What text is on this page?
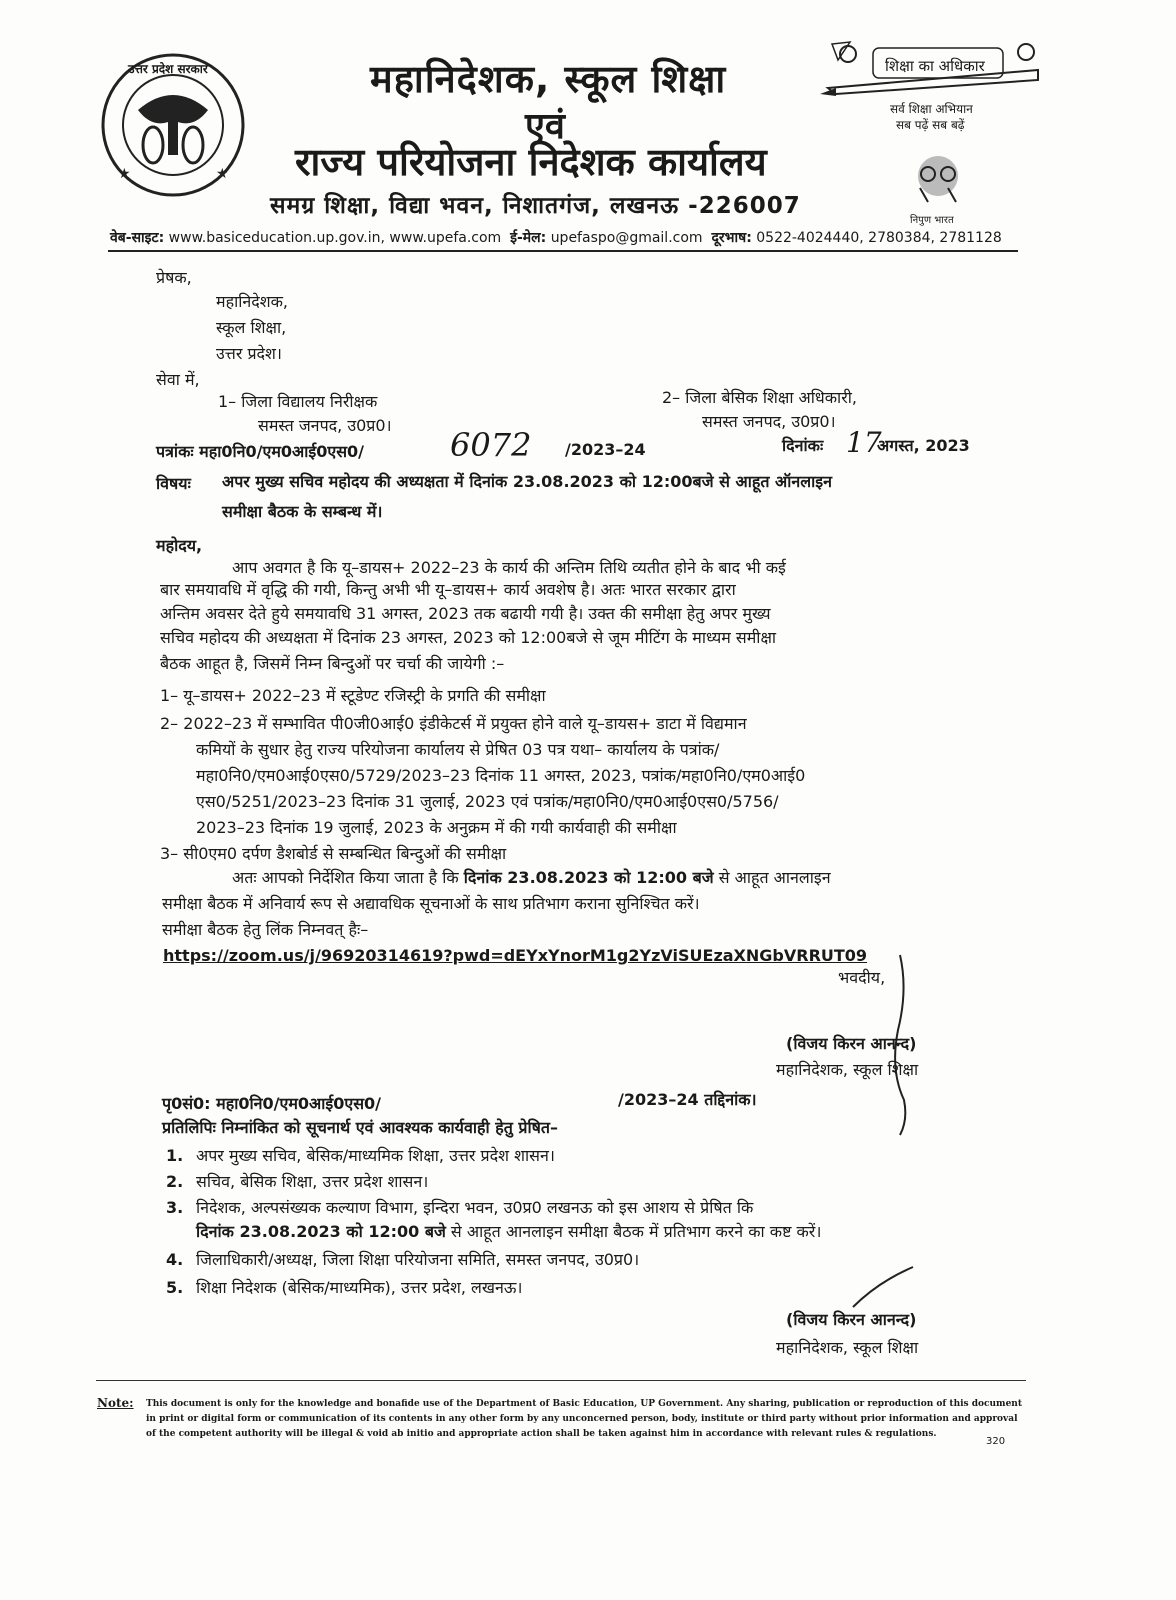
★	★
उत्तर प्रदेश सरकार	महानिदेशक, स्कूल शिक्षा
एवं
राज्य परियोजना निदेशक कार्यालय
समग्र शिक्षा, विद्या भवन, निशातगंज, लखनऊ -226007
शिक्षा का अधिकार
सर्व शिक्षा अभियान
सब पढ़ें सब बढ़ें
निपुण भारत
वेब-साइट: www.basiceducation.up.gov.in, www.upefa.com ई-मेल: upefaspo@gmail.com दूरभाष: 0522-4024440, 2780384, 2781128
प्रेषक,
महानिदेशक,
स्कूल शिक्षा,
उत्तर प्रदेश।
सेवा में,
1– जिला विद्यालय निरीक्षक
समस्त जनपद, उ0प्र0।
2– जिला बेसिक शिक्षा अधिकारी,
समस्त जनपद, उ0प्र0।
पत्रांकः महा0नि0/एम0आई0एस0/	6072 /2023–24	दिनांकः 17
अगस्त, 2023
विषयः अपर मुख्य सचिव महोदय की अध्यक्षता में दिनांक 23.08.2023 को 12:00बजे से आहूत ऑनलाइन
समीक्षा बैठक के सम्बन्ध में।
महोदय,
आप अवगत है कि यू–डायस+ 2022–23 के कार्य की अन्तिम तिथि व्यतीत होने के बाद भी कई
बार समयावधि में वृद्धि की गयी, किन्तु अभी भी यू–डायस+ कार्य अवशेष है। अतः भारत सरकार द्वारा
अन्तिम अवसर देते हुये समयावधि 31 अगस्त, 2023 तक बढायी गयी है। उक्त की समीक्षा हेतु अपर मुख्य
सचिव महोदय की अध्यक्षता में दिनांक 23 अगस्त, 2023 को 12:00बजे से जूम मीटिंग के माध्यम समीक्षा
बैठक आहूत है, जिसमें निम्न बिन्दुओं पर चर्चा की जायेगी :–
1– यू–डायस+ 2022–23 में स्टूडेण्ट रजिस्ट्री के प्रगति की समीक्षा
2– 2022–23 में सम्भावित पी0जी0आई0 इंडीकेटर्स में प्रयुक्त होने वाले यू–डायस+ डाटा में विद्यमान
कमियों के सुधार हेतु राज्य परियोजना कार्यालय से प्रेषित 03 पत्र यथा– कार्यालय के पत्रांक/
महा0नि0/एम0आई0एस0/5729/2023–23 दिनांक 11 अगस्त, 2023, पत्रांक/महा0नि0/एम0आई0
एस0/5251/2023–23 दिनांक 31 जुलाई, 2023 एवं पत्रांक/महा0नि0/एम0आई0एस0/5756/
2023–23 दिनांक 19 जुलाई, 2023 के अनुक्रम में की गयी कार्यवाही की समीक्षा
3– सी0एम0 दर्पण डैशबोर्ड से सम्बन्धित बिन्दुओं की समीक्षा
अतः आपको निर्देशित किया जाता है कि दिनांक 23.08.2023 को 12:00 बजे से आहूत आनलाइन
समीक्षा बैठक में अनिवार्य रूप से अद्यावधिक सूचनाओं के साथ प्रतिभाग कराना सुनिश्चित करें।
समीक्षा बैठक हेतु लिंक निम्नवत् हैः–
https://zoom.us/j/96920314619?pwd=dEYxYnorM1g2YzViSUEzaXNGbVRRUT09
भवदीय,
(विजय किरन आनन्द)
महानिदेशक, स्कूल शिक्षा
पृ0सं0: महा0नि0/एम0आई0एस0/	/2023–24 तद्दिनांक।
प्रतिलिपिः निम्नांकित को सूचनार्थ एवं आवश्यक कार्यवाही हेतु प्रेषित–
1. अपर मुख्य सचिव, बेसिक/माध्यमिक शिक्षा, उत्तर प्रदेश शासन।
2. सचिव, बेसिक शिक्षा, उत्तर प्रदेश शासन।
3. निदेशक, अल्पसंख्यक कल्याण विभाग, इन्दिरा भवन, उ0प्र0 लखनऊ को इस आशय से प्रेषित कि
दिनांक 23.08.2023 को 12:00 बजे से आहूत आनलाइन समीक्षा बैठक में प्रतिभाग करने का कष्ट करें।
4. जिलाधिकारी/अध्यक्ष, जिला शिक्षा परियोजना समिति, समस्त जनपद, उ0प्र0।
5. शिक्षा निदेशक (बेसिक/माध्यमिक), उत्तर प्रदेश, लखनऊ।
(विजय किरन आनन्द)
महानिदेशक, स्कूल शिक्षा
Note: This document is only for the knowledge and bonafide use of the Department of Basic Education, UP Government. Any sharing, publication or reproduction of this document in print or digital form or communication of its contents in any other form by any unconcerned person, body, institute or third party without prior information and approval of the competent authority will be illegal & void ab initio and appropriate action shall be taken against him in accordance with relevant rules & regulations.
320
